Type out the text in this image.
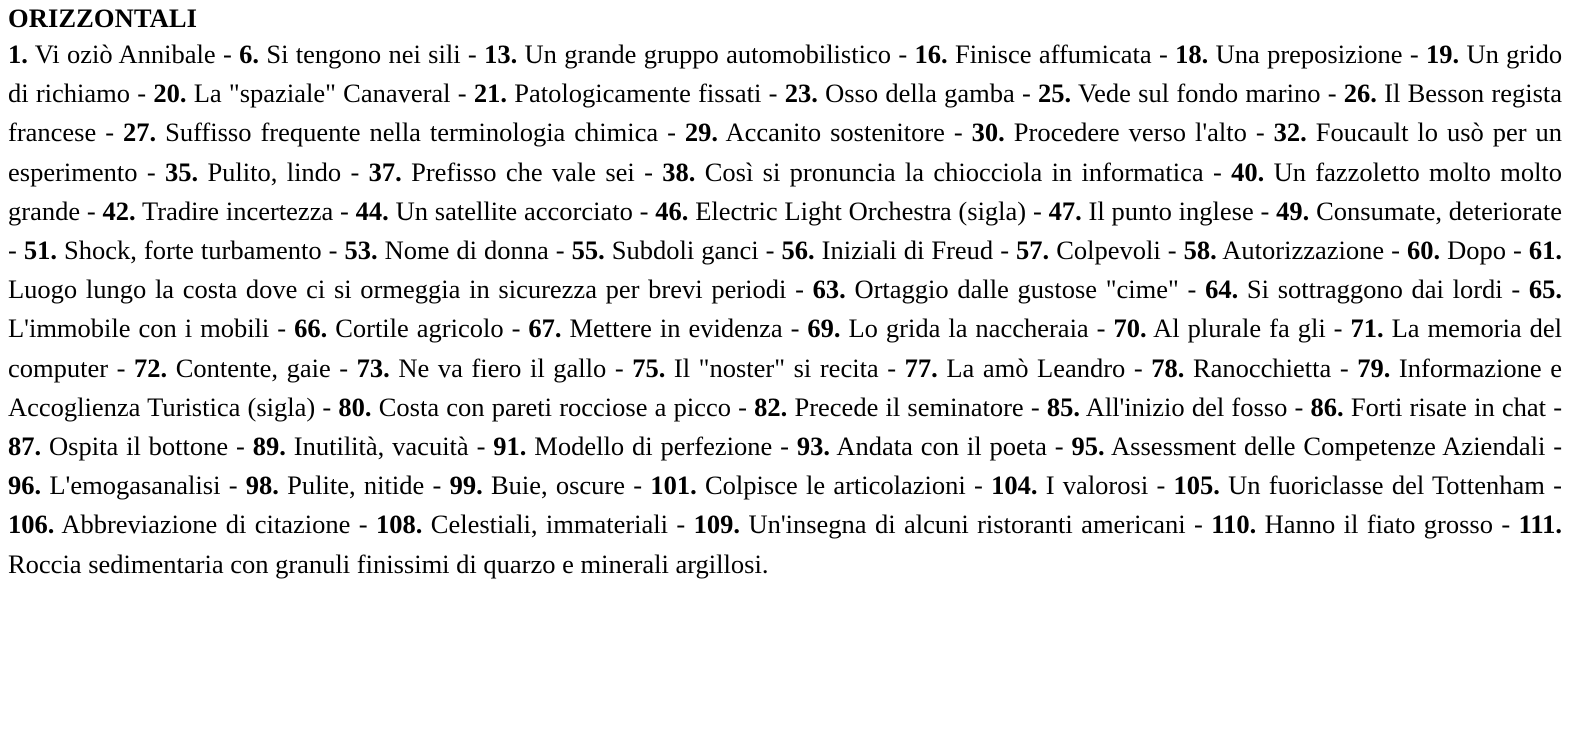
ORIZZONTALI

1. Vi oziò Annibale - 6. Si tengono nei sili - 13. Un grande gruppo automobilistico - 16. Finisce affumicata - 18. Una preposizione - 19. Un grido di richiamo - 20. La "spaziale" Canaveral - 21. Patologicamente fissati - 23. Osso della gamba - 25. Vede sul fondo marino - 26. Il Besson regista francese - 27. Suffisso frequente nella terminologia chimica - 29. Accanito sostenitore - 30. Procedere verso l'alto - 32. Foucault lo usò per un esperimento - 35. Pulito, lindo - 37. Prefisso che vale sei - 38. Così si pronuncia la chiocciola in informatica - 40. Un fazzoletto molto molto grande - 42. Tradire incertezza - 44. Un satellite accorciato - 46. Electric Light Orchestra (sigla) - 47. Il punto inglese - 49. Consumate, deteriorate - 51. Shock, forte turbamento - 53. Nome di donna - 55. Subdoli ganci - 56. Iniziali di Freud - 57. Colpevoli - 58. Autorizzazione - 60. Dopo - 61. Luogo lungo la costa dove ci si ormeggia in sicurezza per brevi periodi - 63. Ortaggio dalle gustose "cime" - 64. Si sottraggono dai lordi - 65. L'immobile con i mobili - 66. Cortile agricolo - 67. Mettere in evidenza - 69. Lo grida la naccheraia - 70. Al plurale fa gli - 71. La memoria del computer - 72. Contente, gaie - 73. Ne va fiero il gallo - 75. Il "noster" si recita - 77. La amò Leandro - 78. Ranocchietta - 79. Informazione e Accoglienza Turistica (sigla) - 80. Costa con pareti rocciose a picco - 82. Precede il seminatore - 85. All'inizio del fosso - 86. Forti risate in chat - 87. Ospita il bottone - 89. Inutilità, vacuità - 91. Modello di perfezione - 93. Andata con il poeta - 95. Assessment delle Competenze Aziendali - 96. L'emogasanalisi - 98. Pulite, nitide - 99. Buie, oscure - 101. Colpisce le articolazioni - 104. I valorosi - 105. Un fuoriclasse del Tottenham - 106. Abbreviazione di citazione - 108. Celestiali, immateriali - 109. Un'insegna di alcuni ristoranti americani - 110. Hanno il fiato grosso - 111. Roccia sedimentaria con granuli finissimi di quarzo e minerali argillosi.
